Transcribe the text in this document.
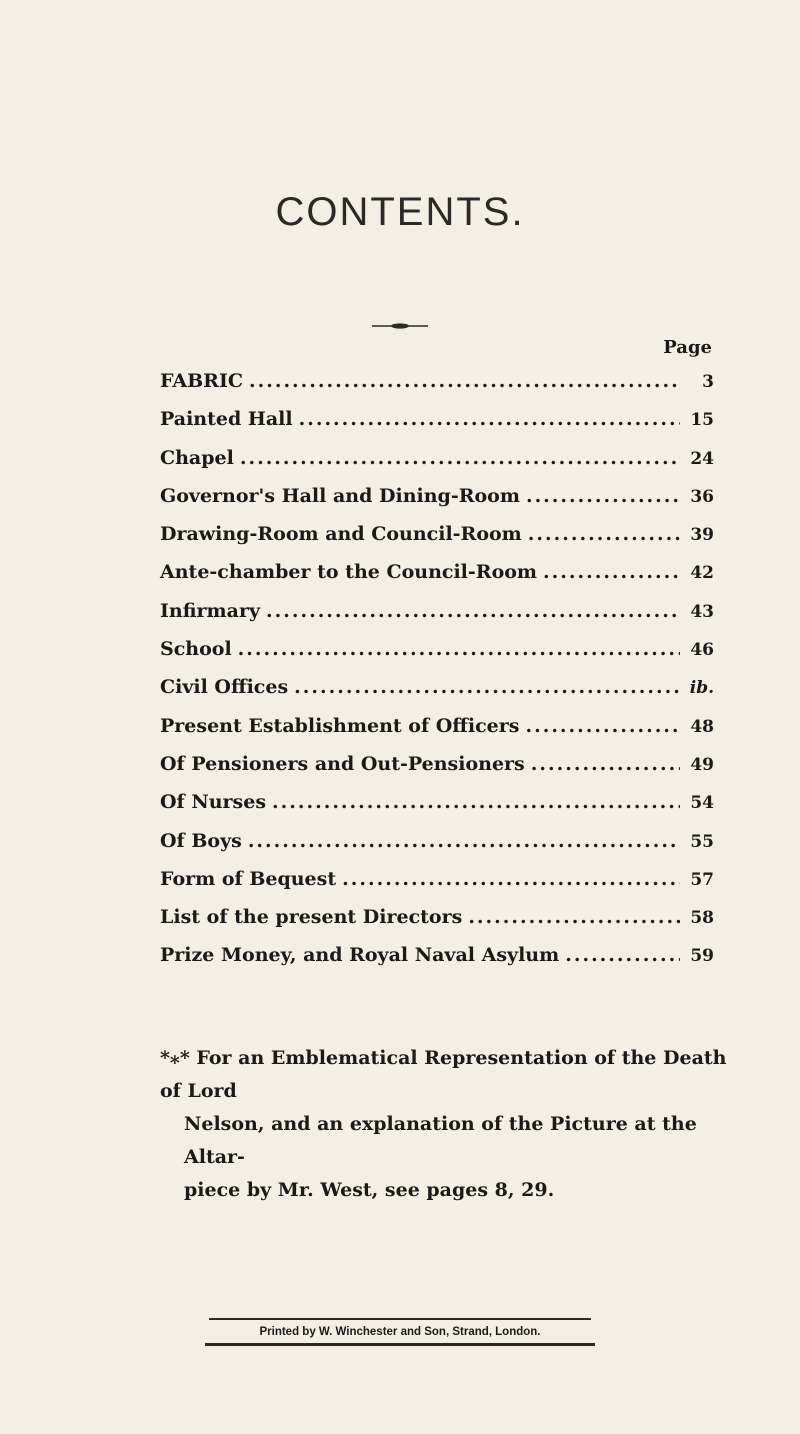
CONTENTS.
Page
FABRIC .....	3
Painted Hall .....	15
Chapel .....	24
Governor's Hall and Dining-Room .....	36
Drawing-Room and Council-Room .....	39
Ante-chamber to the Council-Room .....	42
Infirmary .....	43
School .....	46
Civil Offices .....	ib.
Present Establishment of Officers .....	48
Of Pensioners and Out-Pensioners .....	49
Of Nurses .....	54
Of Boys .....	55
Form of Bequest .....	57
List of the present Directors .....	58
Prize Money, and Royal Naval Asylum .....	59
*⁎* For an Emblematical Representation of the Death of Lord
Nelson, and an explanation of the Picture at the Altar-
piece by Mr. West, see pages 8, 29.
Printed by W. Winchester and Son, Strand, London.
